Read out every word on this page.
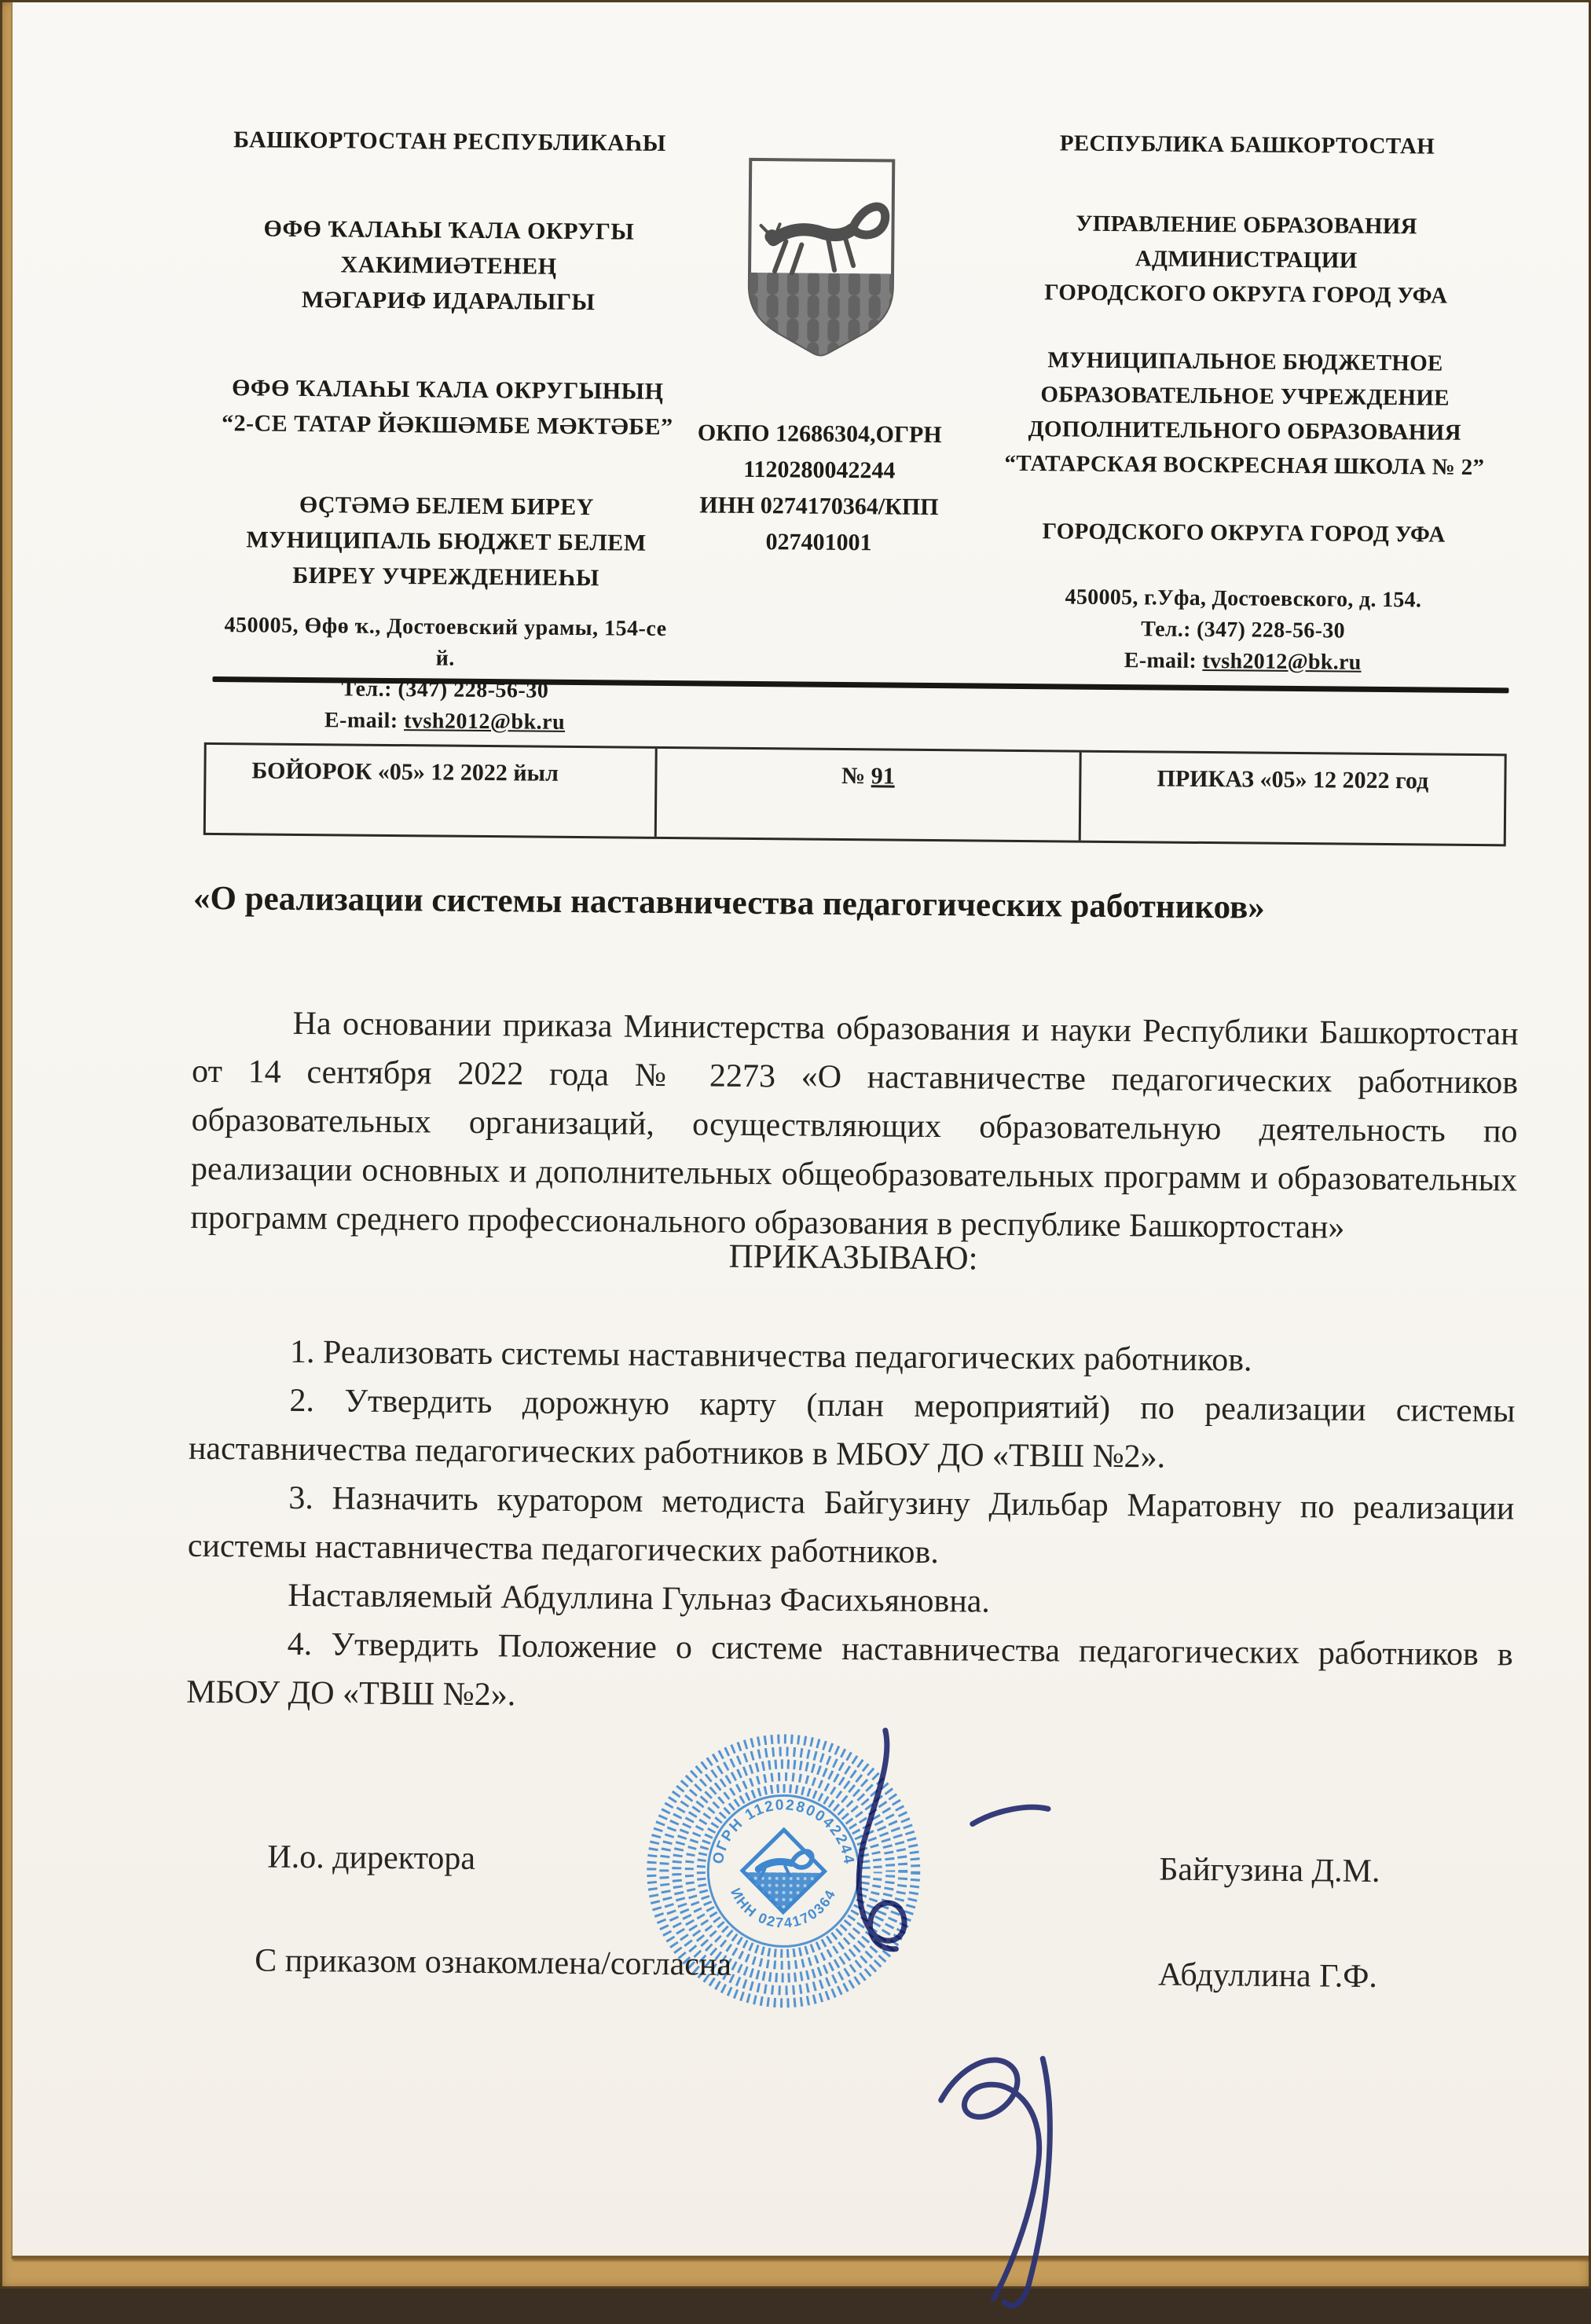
БАШКОРТОСТАН РЕСПУБЛИКАҺЫ
ӨФӨ ҠАЛАҺЫ ҠАЛА ОКРУГЫ
ХАКИМИӘТЕНЕҢ
МӘГАРИФ ИДАРАЛЫГЫ
ӨФӨ ҠАЛАҺЫ ҠАЛА ОКРУГЫНЫҢ
“2-СЕ ТАТАР ЙӘКШӘМБЕ МӘКТӘБЕ”
ӨҪТӘМӘ БЕЛЕМ БИРЕҮ
МУНИЦИПАЛЬ БЮДЖЕТ БЕЛЕМ
БИРЕҮ УЧРЕЖДЕНИЕҺЫ
450005, Өфө ҡ., Достоевский урамы, 154-се
й.
Тел.: (347) 228-56-30
E-mail: tvsh2012@bk.ru
ОКПО 12686304,ОГРН
1120280042244
ИНН 0274170364/КПП
027401001
РЕСПУБЛИКА БАШКОРТОСТАН
УПРАВЛЕНИЕ ОБРАЗОВАНИЯ
АДМИНИСТРАЦИИ
ГОРОДСКОГО ОКРУГА ГОРОД УФА
МУНИЦИПАЛЬНОЕ БЮДЖЕТНОЕ
ОБРАЗОВАТЕЛЬНОЕ УЧРЕЖДЕНИЕ
ДОПОЛНИТЕЛЬНОГО ОБРАЗОВАНИЯ
“ТАТАРСКАЯ ВОСКРЕСНАЯ ШКОЛА № 2”
ГОРОДСКОГО ОКРУГА ГОРОД УФА
450005, г.Уфа, Достоевского, д. 154.
Тел.: (347) 228-56-30
E-mail: tvsh2012@bk.ru
БОЙОРОК «05» 12 2022 йыл	№ 91	ПРИКАЗ «05» 12 2022 год
«О реализации системы наставничества педагогических работников»
На основании приказа Министерства образования и науки Республики Башкортостан от 14 сентября 2022 года № 2273 «О наставничестве педагогических работников образовательных организаций, осуществляющих образовательную деятельность по реализации основных и дополнительных общеобразовательных программ и образовательных программ среднего профессионального образования в республике Башкортостан»
ПРИКАЗЫВАЮ:
1. Реализовать системы наставничества педагогических работников.
2. Утвердить дорожную карту (план мероприятий) по реализации системы наставничества педагогических работников в МБОУ ДО «ТВШ №2».
3. Назначить куратором методиста Байгузину Дильбар Маратовну по реализации системы наставничества педагогических работников.
Наставляемый Абдуллина Гульназ Фасихьяновна.
4. Утвердить Положение о системе наставничества педагогических работников в МБОУ ДО «ТВШ №2».
И.о. директора	Байгузина Д.М.
С приказом ознакомлена/согласна	Абдуллина Г.Ф.
ОГРН 1120280042244
ИНН 0274170364
